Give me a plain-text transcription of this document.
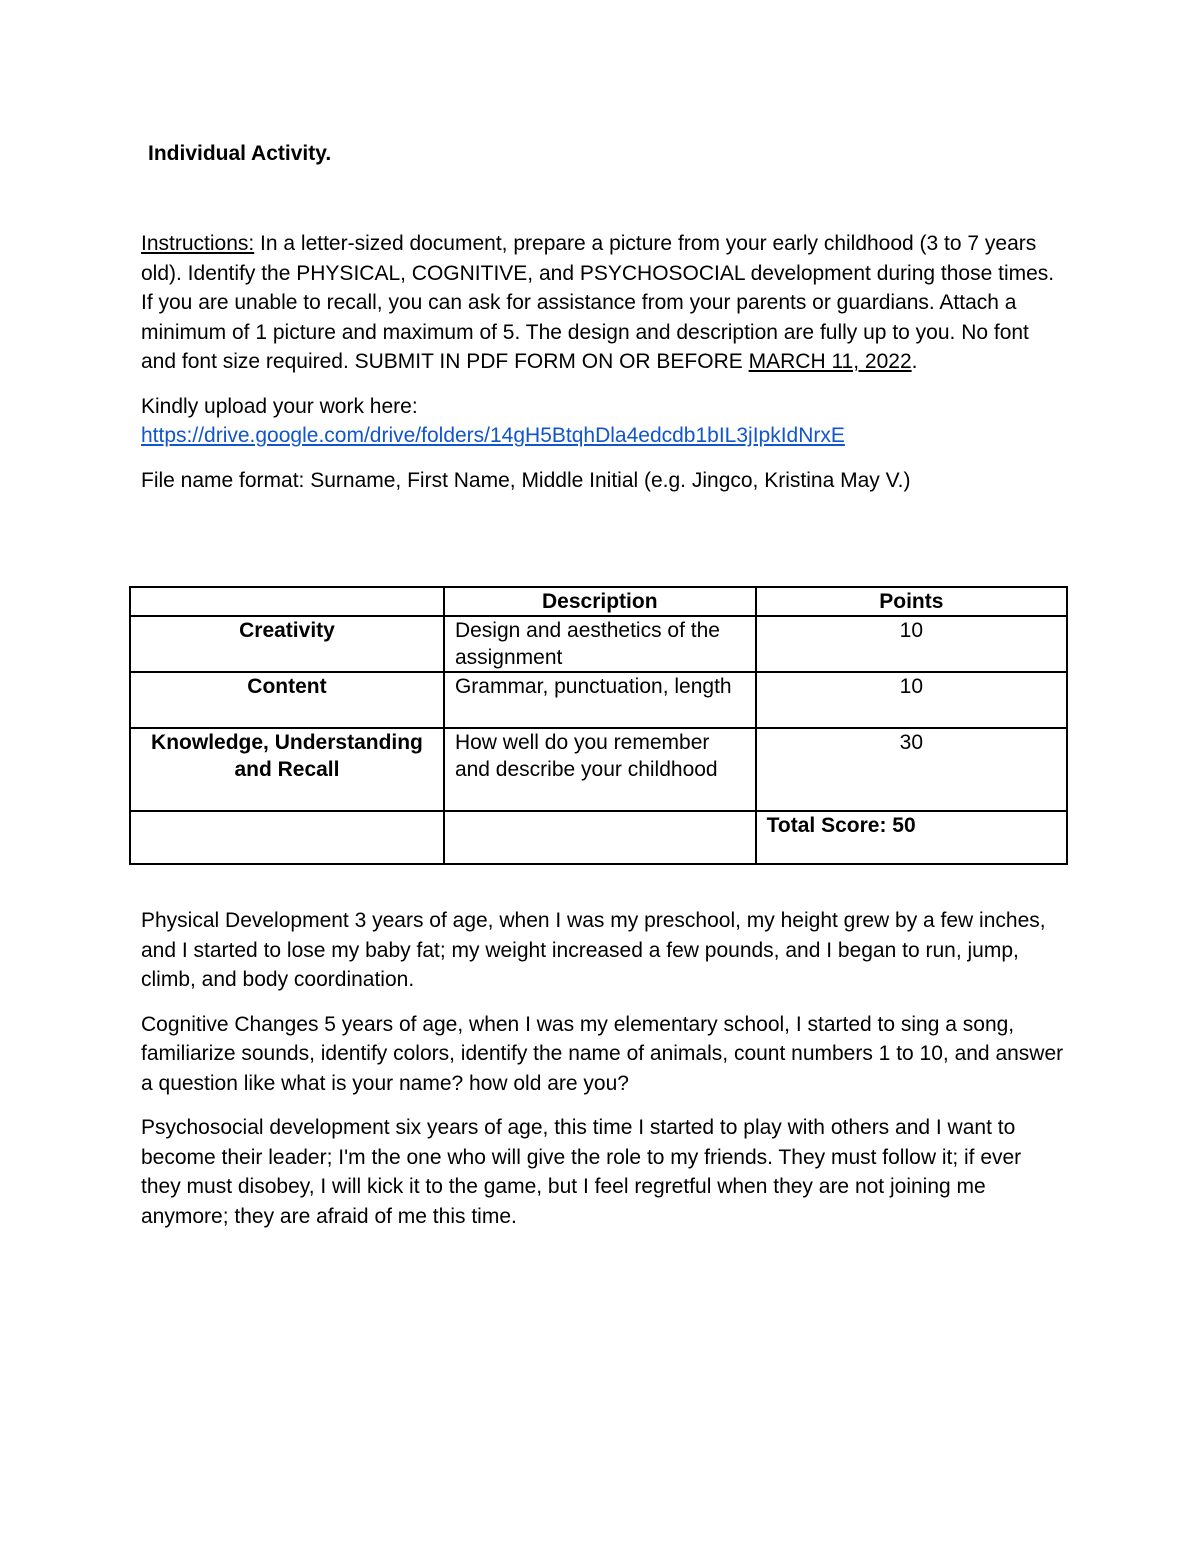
Individual Activity.

Instructions: In a letter-sized document, prepare a picture from your early childhood (3 to 7 years old). Identify the PHYSICAL, COGNITIVE, and PSYCHOSOCIAL development during those times. If you are unable to recall, you can ask for assistance from your parents or guardians. Attach a minimum of 1 picture and maximum of 5. The design and description are fully up to you. No font and font size required. SUBMIT IN PDF FORM ON OR BEFORE MARCH 11, 2022.

Kindly upload your work here:
https://drive.google.com/drive/folders/14gH5BtqhDla4edcdb1bIL3jIpkIdNrxE

File name format: Surname, First Name, Middle Initial (e.g. Jingco, Kristina May V.)

	Description	Points
Creativity	Design and aesthetics of the assignment	10
Content	Grammar, punctuation, length	10
Knowledge, Understanding and Recall	How well do you remember and describe your childhood	30
		Total Score: 50

Physical Development 3 years of age, when I was my preschool, my height grew by a few inches, and I started to lose my baby fat; my weight increased a few pounds, and I began to run, jump, climb, and body coordination.

Cognitive Changes 5 years of age, when I was my elementary school, I started to sing a song, familiarize sounds, identify colors, identify the name of animals, count numbers 1 to 10, and answer a question like what is your name? how old are you?

Psychosocial development six years of age, this time I started to play with others and I want to become their leader; I'm the one who will give the role to my friends. They must follow it; if ever they must disobey, I will kick it to the game, but I feel regretful when they are not joining me anymore; they are afraid of me this time.
